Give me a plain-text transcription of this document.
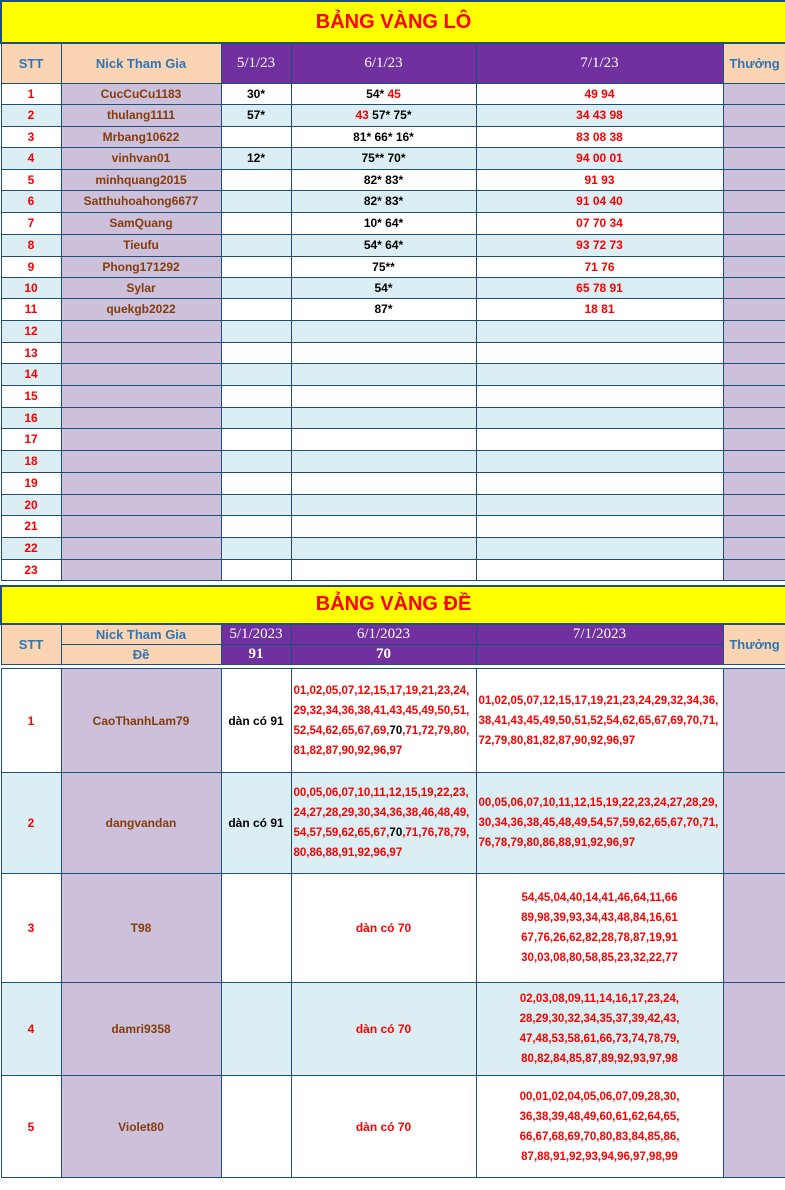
BẢNG VÀNG LÔ					
STT	Nick Tham Gia	5/1/23	6/1/23	7/1/23	Thưởng
1	CucCuCu1183	30*	54* 45	49 94	
2	thulang1111	57*	43 57* 75*	34 43 98	
3	Mrbang10622		81* 66* 16*	83 08 38	
4	vinhvan01	12*	75** 70*	94 00 01	
5	minhquang2015		82* 83*	91 93	
6	Satthuhoahong6677		82* 83*	91 04 40	
7	SamQuang		10* 64*	07 70 34	
8	Tieufu		54* 64*	93 72 73	
9	Phong171292		75**	71 76	
10	Sylar		54*	65 78 91	
11	quekgb2022		87*	18 81	
12					
13					
14					
15					
16					
17					
18					
19					
20					
21					
22					
23					
BẢNG VÀNG ĐỀ					
STT	Nick Tham Gia	5/1/2023	6/1/2023	7/1/2023	Thưởng
	Đề	91	70		

1	CaoThanhLam79	dàn có 91	01,02,05,07,12,15,17,19,21,23,24,29,32,34,36,38,41,43,45,49,50,51,52,54,62,65,67,69,70,71,72,79,80,81,82,87,90,92,96,97	01,02,05,07,12,15,17,19,21,23,24,29,32,34,36,38,41,43,45,49,50,51,52,54,62,65,67,69,70,71,72,79,80,81,82,87,90,92,96,97	

2	dangvandan	dàn có 91	00,05,06,07,10,11,12,15,19,22,23,24,27,28,29,30,34,36,38,46,48,49,54,57,59,62,65,67,70,71,76,78,79,80,86,88,91,92,96,97	00,05,06,07,10,11,12,15,19,22,23,24,27,28,29,30,34,36,38,45,48,49,54,57,59,62,65,67,70,71,76,78,79,80,86,88,91,92,96,97	

3	T98		dàn có 70	54,45,04,40,14,41,46,64,11,66
89,98,39,93,34,43,48,84,16,61
67,76,26,62,82,28,78,87,19,91
30,03,08,80,58,85,23,32,22,77	

4	damri9358		dàn có 70	02,03,08,09,11,14,16,17,23,24,
28,29,30,32,34,35,37,39,42,43,
47,48,53,58,61,66,73,74,78,79,
80,82,84,85,87,89,92,93,97,98	

5	Violet80		dàn có 70	00,01,02,04,05,06,07,09,28,30,
36,38,39,48,49,60,61,62,64,65,
66,67,68,69,70,80,83,84,85,86,
87,88,91,92,93,94,96,97,98,99	
